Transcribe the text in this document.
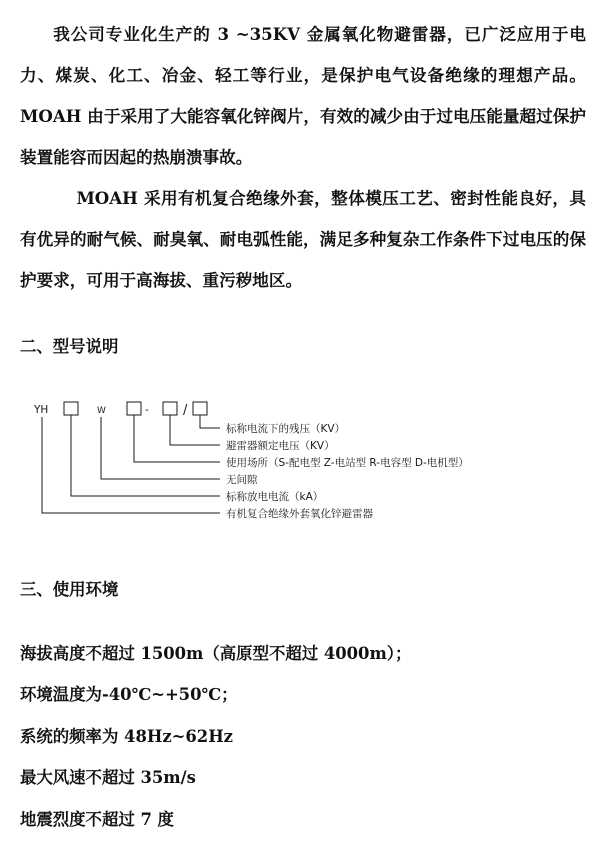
我公司专业化生产的 3 ~35KV 金属氧化物避雷器，已广泛应用于电力、煤炭、化工、冶金、轻工等行业，是保护电气设备绝缘的理想产品。MOAH 由于采用了大能容氧化锌阀片，有效的减少由于过电压能量超过保护装置能容而因起的热崩溃事故。

MOAH 采用有机复合绝缘外套，整体模压工艺、密封性能良好，具有优异的耐气候、耐臭氧、耐电弧性能，满足多种复杂工作条件下过电压的保护要求，可用于高海拔、重污秽地区。

二、型号说明
YH	W	-	/
标称电流下的残压（KV）
避雷器额定电压（KV）
使用场所（S-配电型 Z-电站型 R-电容型 D-电机型）
无间隙
标称放电电流（kA）
有机复合绝缘外套氧化锌避雷器
三、使用环境

海拔高度不超过 1500m（高原型不超过 4000m）；

环境温度为-40℃~+50℃；

系统的频率为 48Hz~62Hz

最大风速不超过 35m/s

地震烈度不超过 7 度
